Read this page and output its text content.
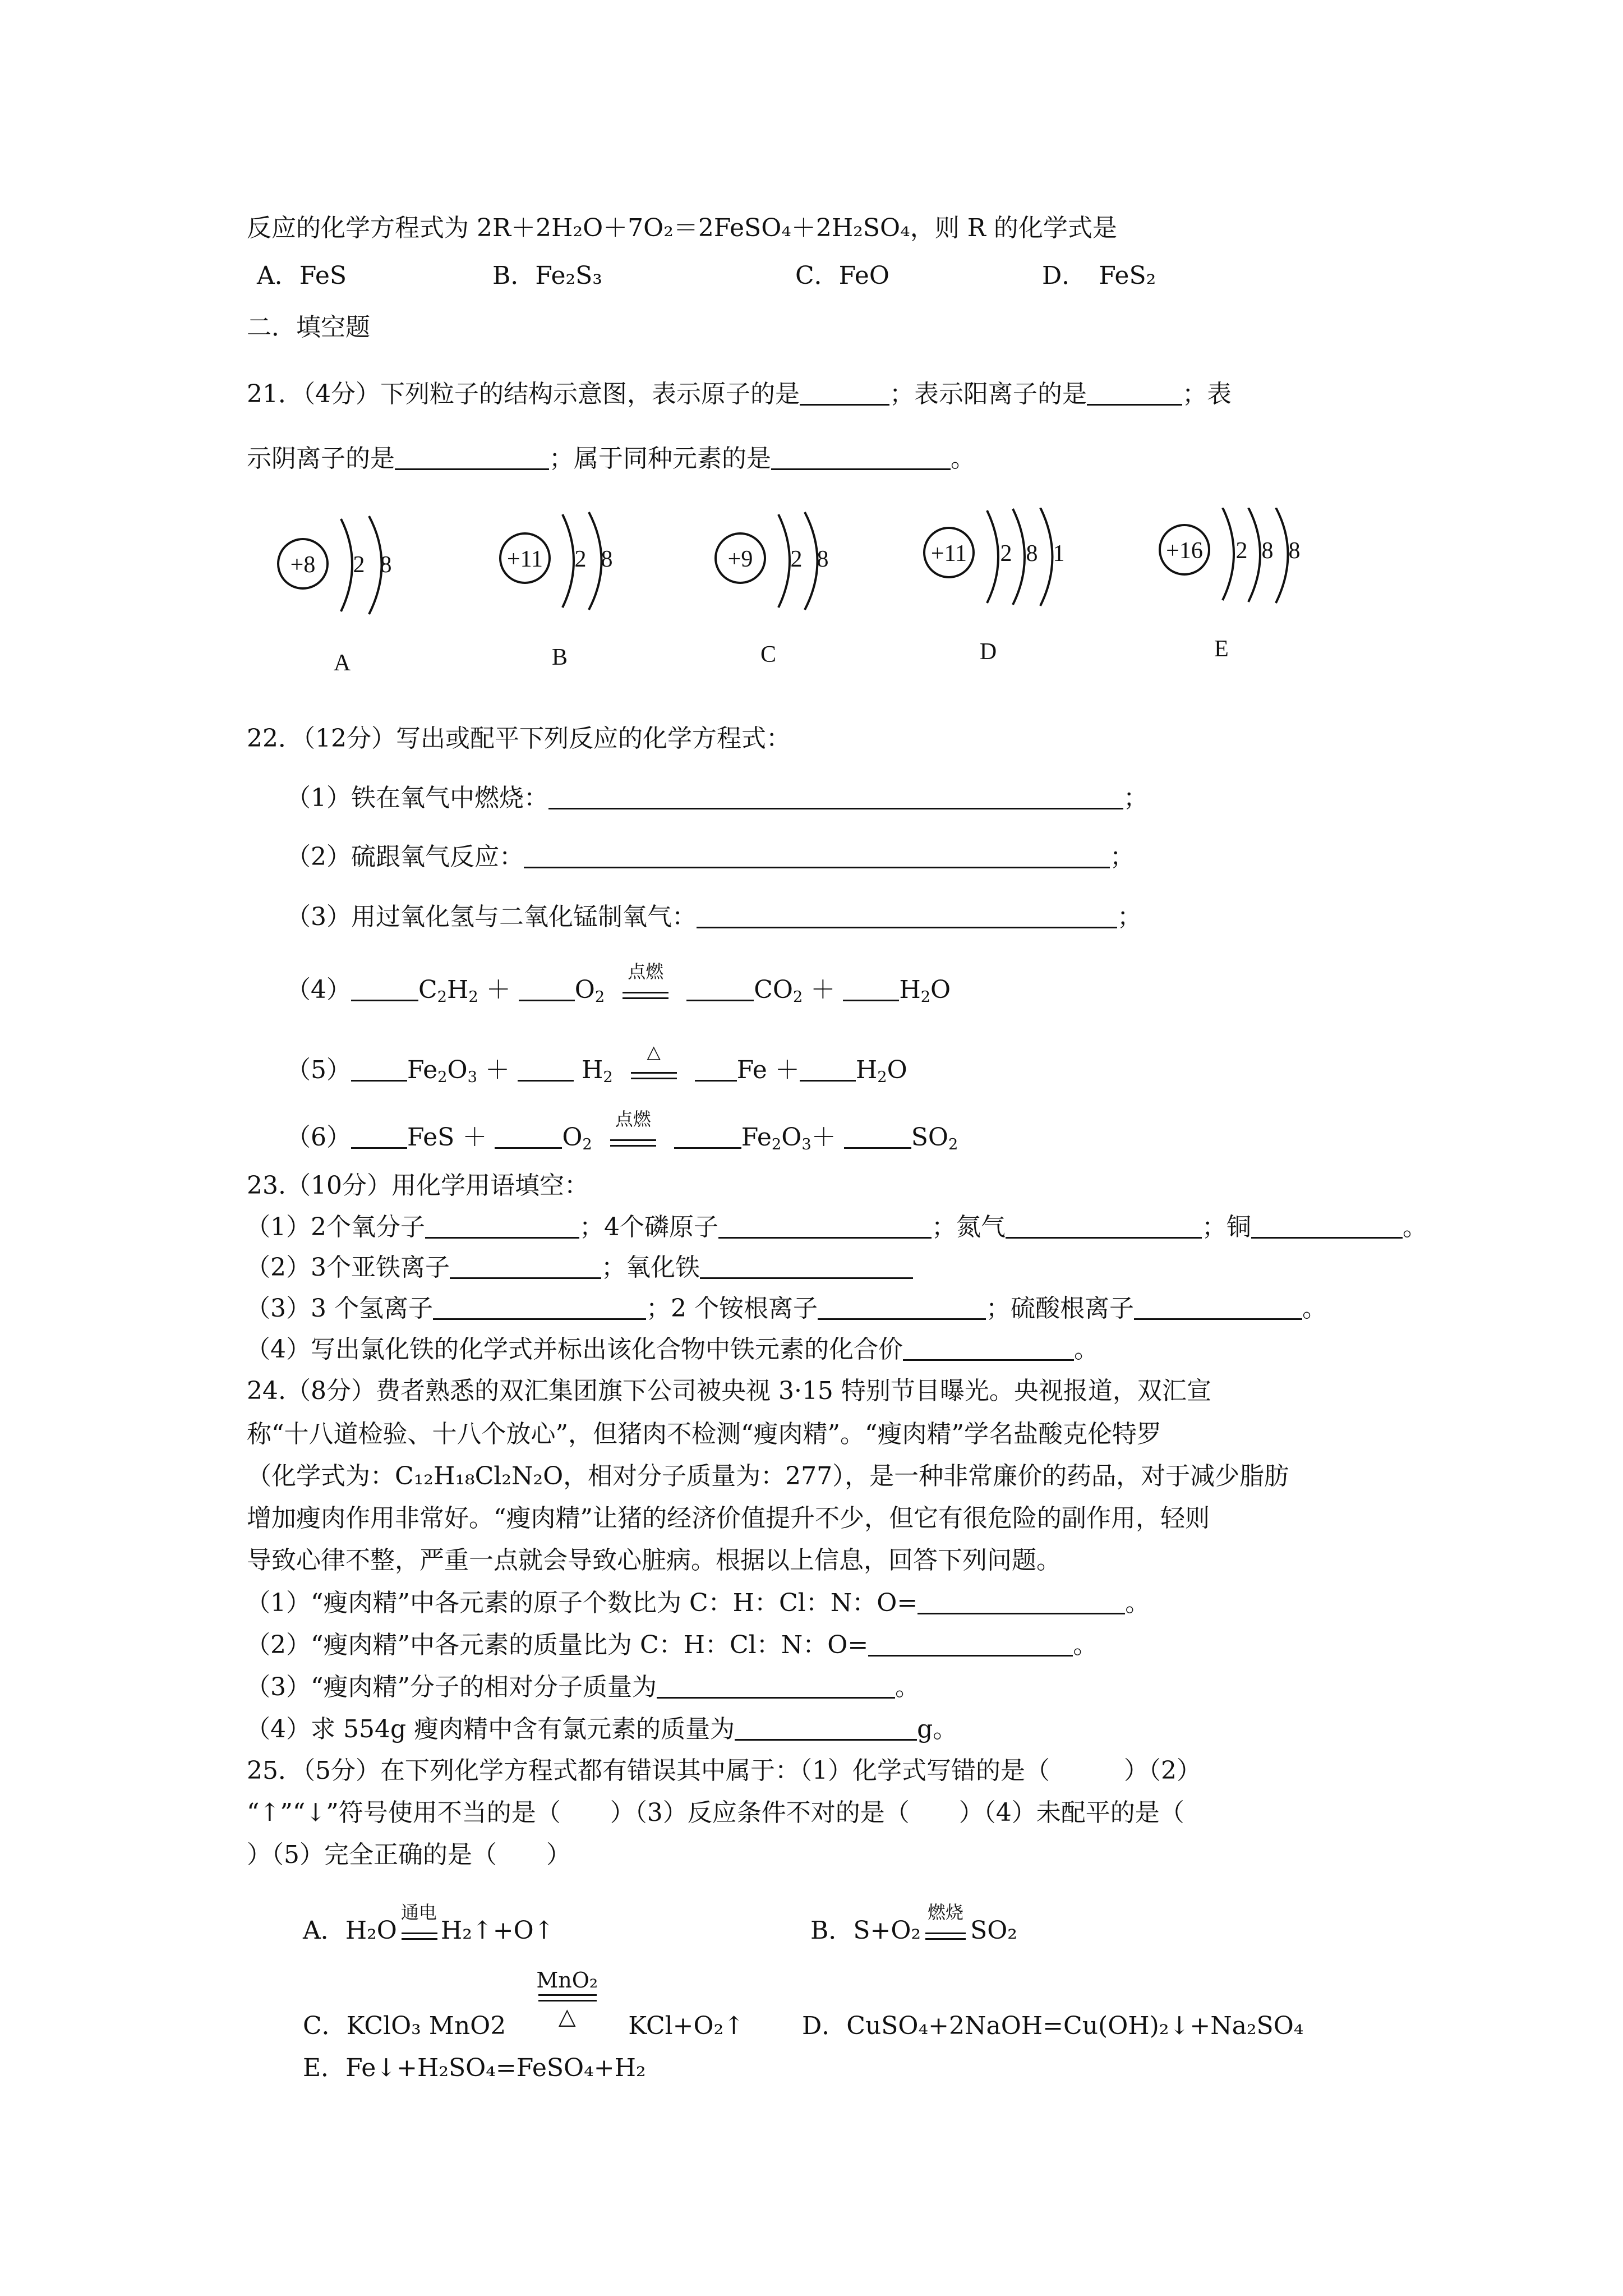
反应的化学方程式为 2R＋2H₂O＋7O₂＝2FeSO₄＋2H₂SO₄，则 R 的化学式是
A．FeS	B．Fe₂S₃	C．FeO	D．　FeS₂
二．填空题
21．（4分）下列粒子的结构示意图，表示原子的是	；表示阳离子的是	；表
示阴离子的是	；属于同种元素的是	。
+8 2 8
A
+11 2 8
B
+9 2 8
C
+11 2 8 1
D
+16 2 8 8
E
22．（12分）写出或配平下列反应的化学方程式：
（1）铁在氧气中燃烧：	；
（2）硫跟氧气反应：	；
（3）用过氧化氢与二氧化锰制氧气：	；
（4）	$C_2H_2$ ＋	$O_2$
点燃
$CO_2$ ＋	$H_2O$
（5） $Fe_2O_3$ ＋	$H_2$
△
$Fe + H_2O$
（6） FeS ＋	$O_2$
点燃
$Fe_2O_3+$	$SO_2$
23.（10分）用化学用语填空：
（1）2个氧分子	；4个磷原子	；氮气	；铜	。
（2）3个亚铁离子	；氧化铁
（3）3 个氢离子	；2 个铵根离子	；硫酸根离子	。
（4）写出氯化铁的化学式并标出该化合物中铁元素的化合价	。
24.（8分）费者熟悉的双汇集团旗下公司被央视 3·15 特别节目曝光。央视报道，双汇宣
称“十八道检验、十八个放心”，但猪肉不检测“瘦肉精”。“瘦肉精”学名盐酸克伦特罗
（化学式为：C₁₂H₁₈Cl₂N₂O，相对分子质量为：277），是一种非常廉价的药品，对于减少脂肪
增加瘦肉作用非常好。“瘦肉精”让猪的经济价值提升不少，但它有很危险的副作用，轻则
导致心律不整，严重一点就会导致心脏病。根据以上信息，回答下列问题。
（1）“瘦肉精”中各元素的原子个数比为 C：H：Cl：N：O=	。
（2）“瘦肉精”中各元素的质量比为 C：H：Cl：N：O=	。
（3）“瘦肉精”分子的相对分子质量为	。
（4）求 554g 瘦肉精中含有氯元素的质量为	g。
25．（5分）在下列化学方程式都有错误其中属于：（1）化学式写错的是（　　　）（2）
“↑”“↓”符号使用不当的是（　　）（3）反应条件不对的是（　　）（4）未配平的是（
）（5）完全正确的是（　　）
A．H₂O
通电
H₂↑+O↑	B．S+O₂
燃烧
SO₂
C．KClO₃ MnO2
MnO₂
△	KCl+O₂↑ D．CuSO₄+2NaOH=Cu(OH)₂↓+Na₂SO₄
E．Fe↓+H₂SO₄=FeSO₄+H₂
